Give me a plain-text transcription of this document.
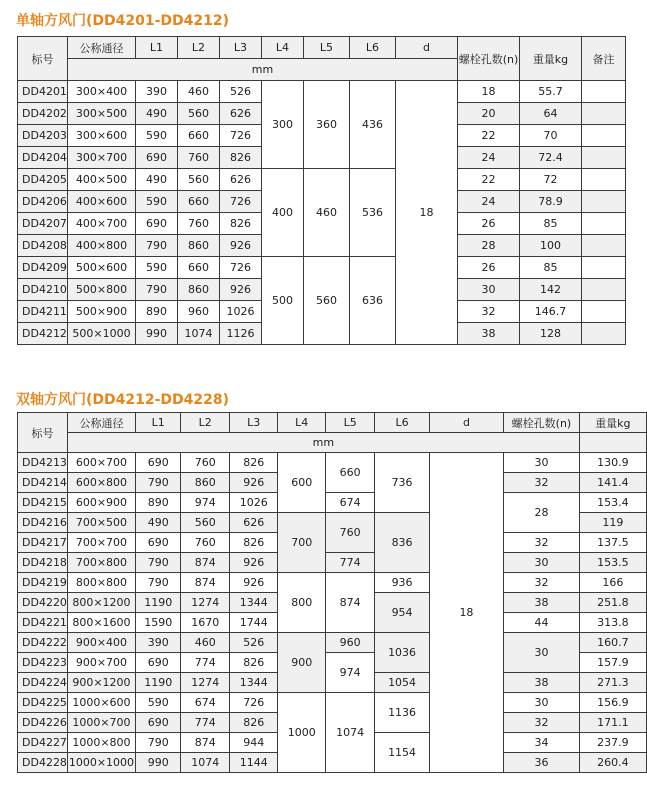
单轴方风门(DD4201-DD4212)
标号	公称通径	L1	L2	L3	L4	L5	L6	d	螺栓孔数(n)	重量kg	备注
	mm										
DD4201	300×400	390	460	526	300	360	436	18	18	55.7	
DD4202	300×500	490	560	626					20	64	
DD4203	300×600	590	660	726					22	70	
DD4204	300×700	690	760	826					24	72.4	
DD4205	400×500	490	560	626	400	460	536		22	72	
DD4206	400×600	590	660	726					24	78.9	
DD4207	400×700	690	760	826					26	85	
DD4208	400×800	790	860	926					28	100	
DD4209	500×600	590	660	726	500	560	636		26	85	
DD4210	500×800	790	860	926					30	142	
DD4211	500×900	890	960	1026					32	146.7	
DD4212	500×1000	990	1074	1126					38	128	
双轴方风门(DD4212-DD4228)
标号	公称通径	L1	L2	L3	L4	L5	L6	d	螺栓孔数(n)	重量kg
	mm									
DD4213	600×700	690	760	826	600	660	736	18	30	130.9
DD4214	600×800	790	860	926					32	141.4
DD4215	600×900	890	974	1026		674			28	153.4
DD4216	700×500	490	560	626	700	760	836			119
DD4217	700×700	690	760	826					32	137.5
DD4218	700×800	790	874	926		774			30	153.5
DD4219	800×800	790	874	926	800	874	936		32	166
DD4220	800×1200	1190	1274	1344			954		38	251.8
DD4221	800×1600	1590	1670	1744					44	313.8
DD4222	900×400	390	460	526	900	960	1036		30	160.7
DD4223	900×700	690	774	826		974				157.9
DD4224	900×1200	1190	1274	1344			1054		38	271.3
DD4225	1000×600	590	674	726	1000	1074	1136		30	156.9
DD4226	1000×700	690	774	826					32	171.1
DD4227	1000×800	790	874	944			1154		34	237.9
DD4228	1000×1000	990	1074	1144					36	260.4
